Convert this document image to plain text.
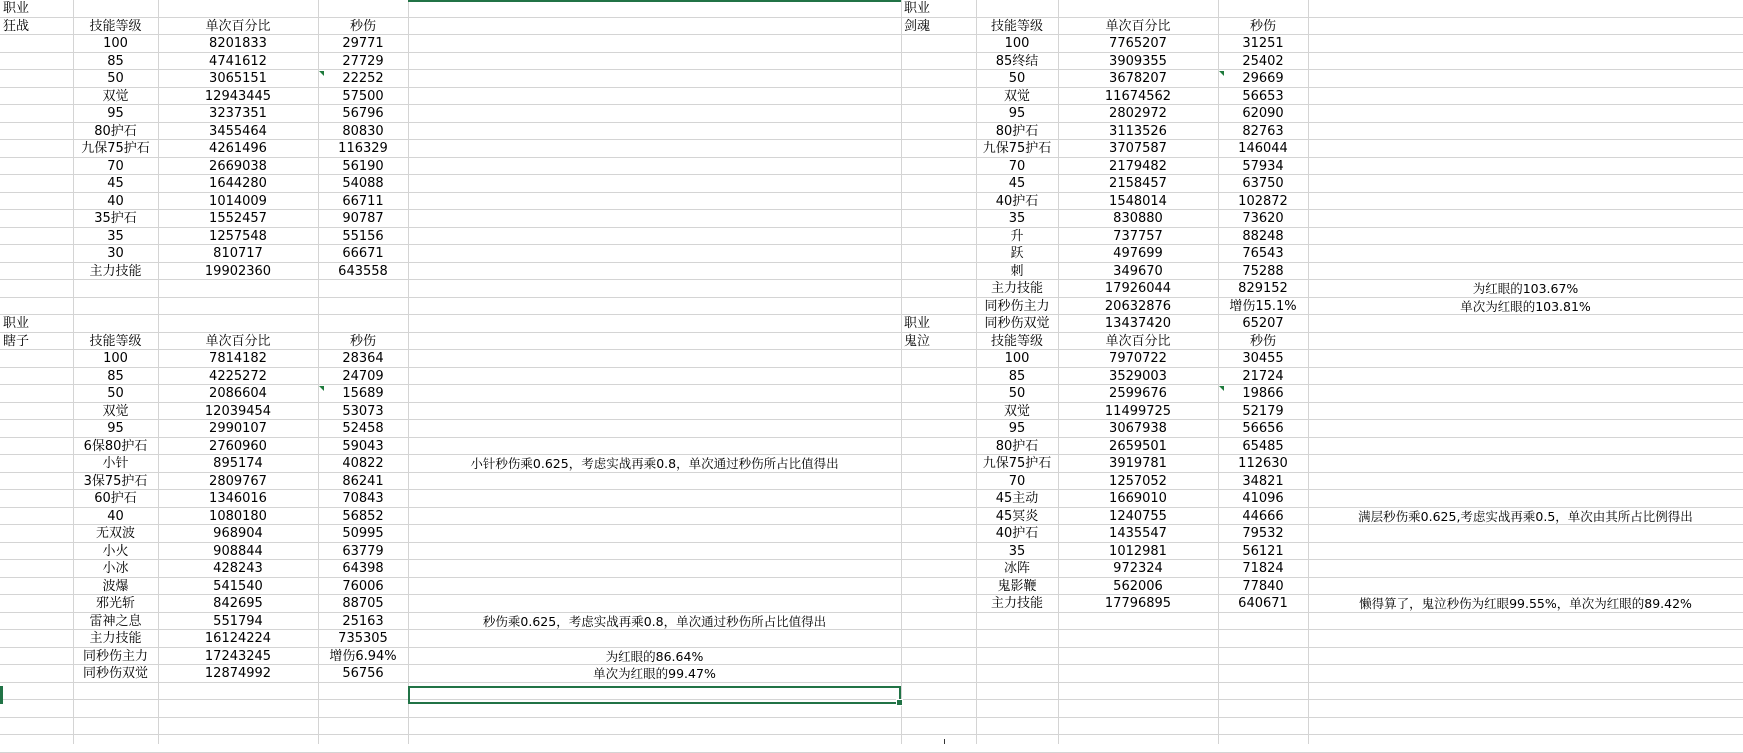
职业
狂战	技能等级	单次百分比	秒伤
100	8201833	29771
85	4741612	27729
50	3065151	22252
双觉	12943445	57500
95	3237351	56796
80护石	3455464	80830
九保75护石	4261496	116329
70	2669038	56190
45	1644280	54088
40	1014009	66711
35护石	1552457	90787
35	1257548	55156
30	810717	66671
主力技能	19902360	643558
职业
剑魂	技能等级	单次百分比	秒伤
100	7765207	31251
85终结	3909355	25402
50	3678207	29669
双觉	11674562	56653
95	2802972	62090
80护石	3113526	82763
九保75护石	3707587	146044
70	2179482	57934
45	2158457	63750
40护石	1548014	102872
35	830880	73620
升	737757	88248
跃	497699	76543
刺	349670	75288
主力技能	17926044	829152
同秒伤主力	20632876	增伤15.1%
同秒伤双觉	13437420	65207
职业
瞎子	技能等级	单次百分比	秒伤
100	7814182	28364
85	4225272	24709
50	2086604	15689
双觉	12039454	53073
95	2990107	52458
6保80护石	2760960	59043
小针	895174	40822
3保75护石	2809767	86241
60护石	1346016	70843
40	1080180	56852
无双波	968904	50995
小火	908844	63779
小冰	428243	64398
波爆	541540	76006
邪光斩	842695	88705
雷神之息	551794	25163
主力技能	16124224	735305
同秒伤主力	17243245	增伤6.94%
同秒伤双觉	12874992	56756
职业
鬼泣	技能等级	单次百分比	秒伤
100	7970722	30455
85	3529003	21724
50	2599676	19866
双觉	11499725	52179
95	3067938	56656
80护石	2659501	65485
九保75护石	3919781	112630
70	1257052	34821
45主动	1669010	41096
45冥炎	1240755	44666
40护石	1435547	79532
35	1012981	56121
冰阵	972324	71824
鬼影鞭	562006	77840
主力技能	17796895	640671
为红眼的103.67%
单次为红眼的103.81%
小针秒伤乘0.625，考虑实战再乘0.8，单次通过秒伤所占比值得出
秒伤乘0.625，考虑实战再乘0.8，单次通过秒伤所占比值得出
为红眼的86.64%
单次为红眼的99.47%
满层秒伤乘0.625,考虑实战再乘0.5，单次由其所占比例得出
懒得算了，鬼泣秒伤为红眼99.55%，单次为红眼的89.42%
